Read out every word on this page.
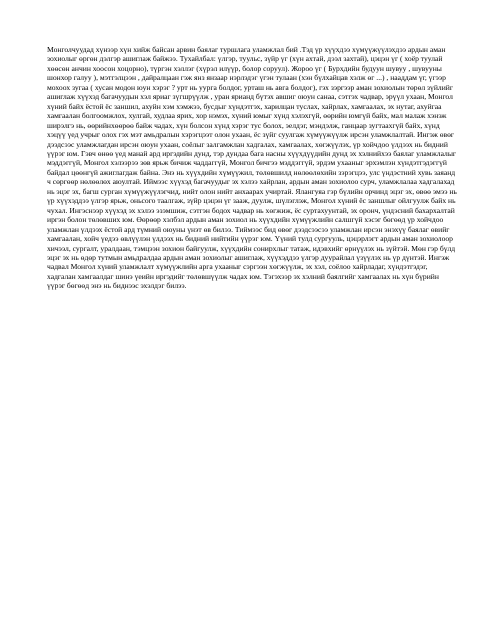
Монголчуудад хүнээр хүн хийж байсан арвин баялаг туршлага уламжлал бий .Тэд үр хүүхдээ хүмүүжүүлэхдээ ардын аман зохиолыг өргөн дэлгэр ашиглаж байжээ. Тухайлбал: үлгэр, туульс, зүйр үг (хүн ахтай, дээл захтай), цэцэн үг ( хоёр туулай хөөсөн анчин хоосон хоцорно), түргэн хэллэг (хүрэл илүүр, болор соруул). Жороо үг ( Бурхдийн будуун шувуу , шувууны шонхор галуу ), мэтгэлцээн , дайралцаан гэж янз янзаар нэрлэдэг үгэн тулаан (хэн бүлхайцав хэлж өг ...) , нааддам үг, үгээр мохоох зугаа ( хусан модон юун хэрэг ? урт нь уурга болдог, урташ нь авга болдог), гэх зэргээр аман зохиолын төрөл зүйлийг ашиглаж хүүхэд багачуудын хэл яриаг зүгшрүүлж , уран ярианд бүтэх авшиг оюун санаа, сэтгэх чадвар, эрүүл ухаан, Монгол хүний байх ёстой ёс заншил, ахуйн хэм хэмжээ, бусдыг хүндэтгэх, харилцан туслах, хайрлах, хамгаалах, эх нутаг, ахуйгаа хамгаалан болгоомжлох, хулгай, худлаа ярих, хор нэмэх, хүний юмыг хүнд хэлэхгүй, өөрийн юмгүй байх, мал малаж хэнэж ширэлгэ нь, өөрийнхөөрөө байж чадах, хүн болсон хүнд хэрэг тус болох, эелдэг, мэндэлж, ганцаар зугтаахгүй байх, хүнд хэцүү үед учрыг олох гэх мэт амьдралын хэрэгцээт олон ухаан, ёс зүйг суулгаж хүмүүжүүлж ирсэн уламжлалтай. Ингэж өвөг дээдсээс уламжлагдан ирсэн оюун ухаан, соёлыг залгамжлан хадгалах, хамгаалах, хөгжүүлэх, үр хойчдоо үлдээх нь бидний үүрэг юм. Гэвч өнөө үед манай ард иргэдийн дунд, тэр дундаа бага насны хүүхдүүдийн дунд эх хэлнийхээ баялаг уламжлалыг мэддэггүй, Монгол хэлээрээ зөв ярьж бичиж чаддаггүй, Монгол бичгээ мэддэггүй, эрдэм ухааныг эрхэмлэн хүндэтгэдэггүй байдал цөөнгүй ажиглагдаж байна. Энэ нь хүүхдийн хүмүүжил, төлөвшилд нөлөөлөхийн зэрэгцээ, улс үндэстний хувь заяанд ч сөргөөр нөлөөлөх аюултай. Иймээс хүүхэд багачуудыг эх хэлээ хайрлан, ардын аман зохиолоо сурч, уламжлалаа хадгалахад нь эцэг эх, багш сурган хүмүүжүүлэгчид, нийт олон нийт анхаарах учиртай. Ялангуяа гэр бүлийн орчинд эцэг эх, өвөө эмээ нь үр хүүхэддээ үлгэр ярьж, оньсого таалгаж, зүйр цэцэн үг зааж, дуулж, шүлэглэж, Монгол хүний ёс заншлыг ойлгуулж байх нь чухал. Ингэснээр хүүхэд эх хэлээ эзэмшиж, сэтгэн бодох чадвар нь хөгжиж, ёс суртахуунтай, эх оронч, үндэсний бахархалтай иргэн болон төлөвших юм. Өөрөөр хэлбэл ардын аман зохиол нь хүүхдийн хүмүүжлийн салшгүй хэсэг бөгөөд үр хойчдоо уламжлан үлдээх ёстой ард түмний оюуны үнэт өв билээ. Тиймээс бид өвөг дээдсээсээ уламжлан ирсэн энэхүү баялаг өвийг хамгаалан, хойч үедээ өвлүүлэн үлдээх нь бидний нийтийн үүрэг юм. Үүний тулд сургууль, цэцэрлэгт ардын аман зохиолоор хичээл, сургалт, уралдаан, тэмцээн зохион байгуулж, хүүхдийн сонирхлыг татаж, идэвхийг өрнүүлэх нь зүйтэй. Мөн гэр бүлд эцэг эх нь өдөр тутмын амьдралдаа ардын аман зохиолыг ашиглаж, хүүхэддээ үлгэр дуурайлал үзүүлэх нь үр дүнтэй. Ингэж чадвал Монгол хүний уламжлалт хүмүүжлийн арга ухааныг сэргээн хөгжүүлж, эх хэл, соёлоо хайрладаг, хүндэтгэдэг, хадгалан хамгаалдаг шинэ үеийн иргэдийг төлөвшүүлж чадах юм. Тэгэхээр эх хэлний баялгийг хамгаалах нь хүн бүрийн үүрэг бөгөөд энэ нь биднээс эхэлдэг билээ.
